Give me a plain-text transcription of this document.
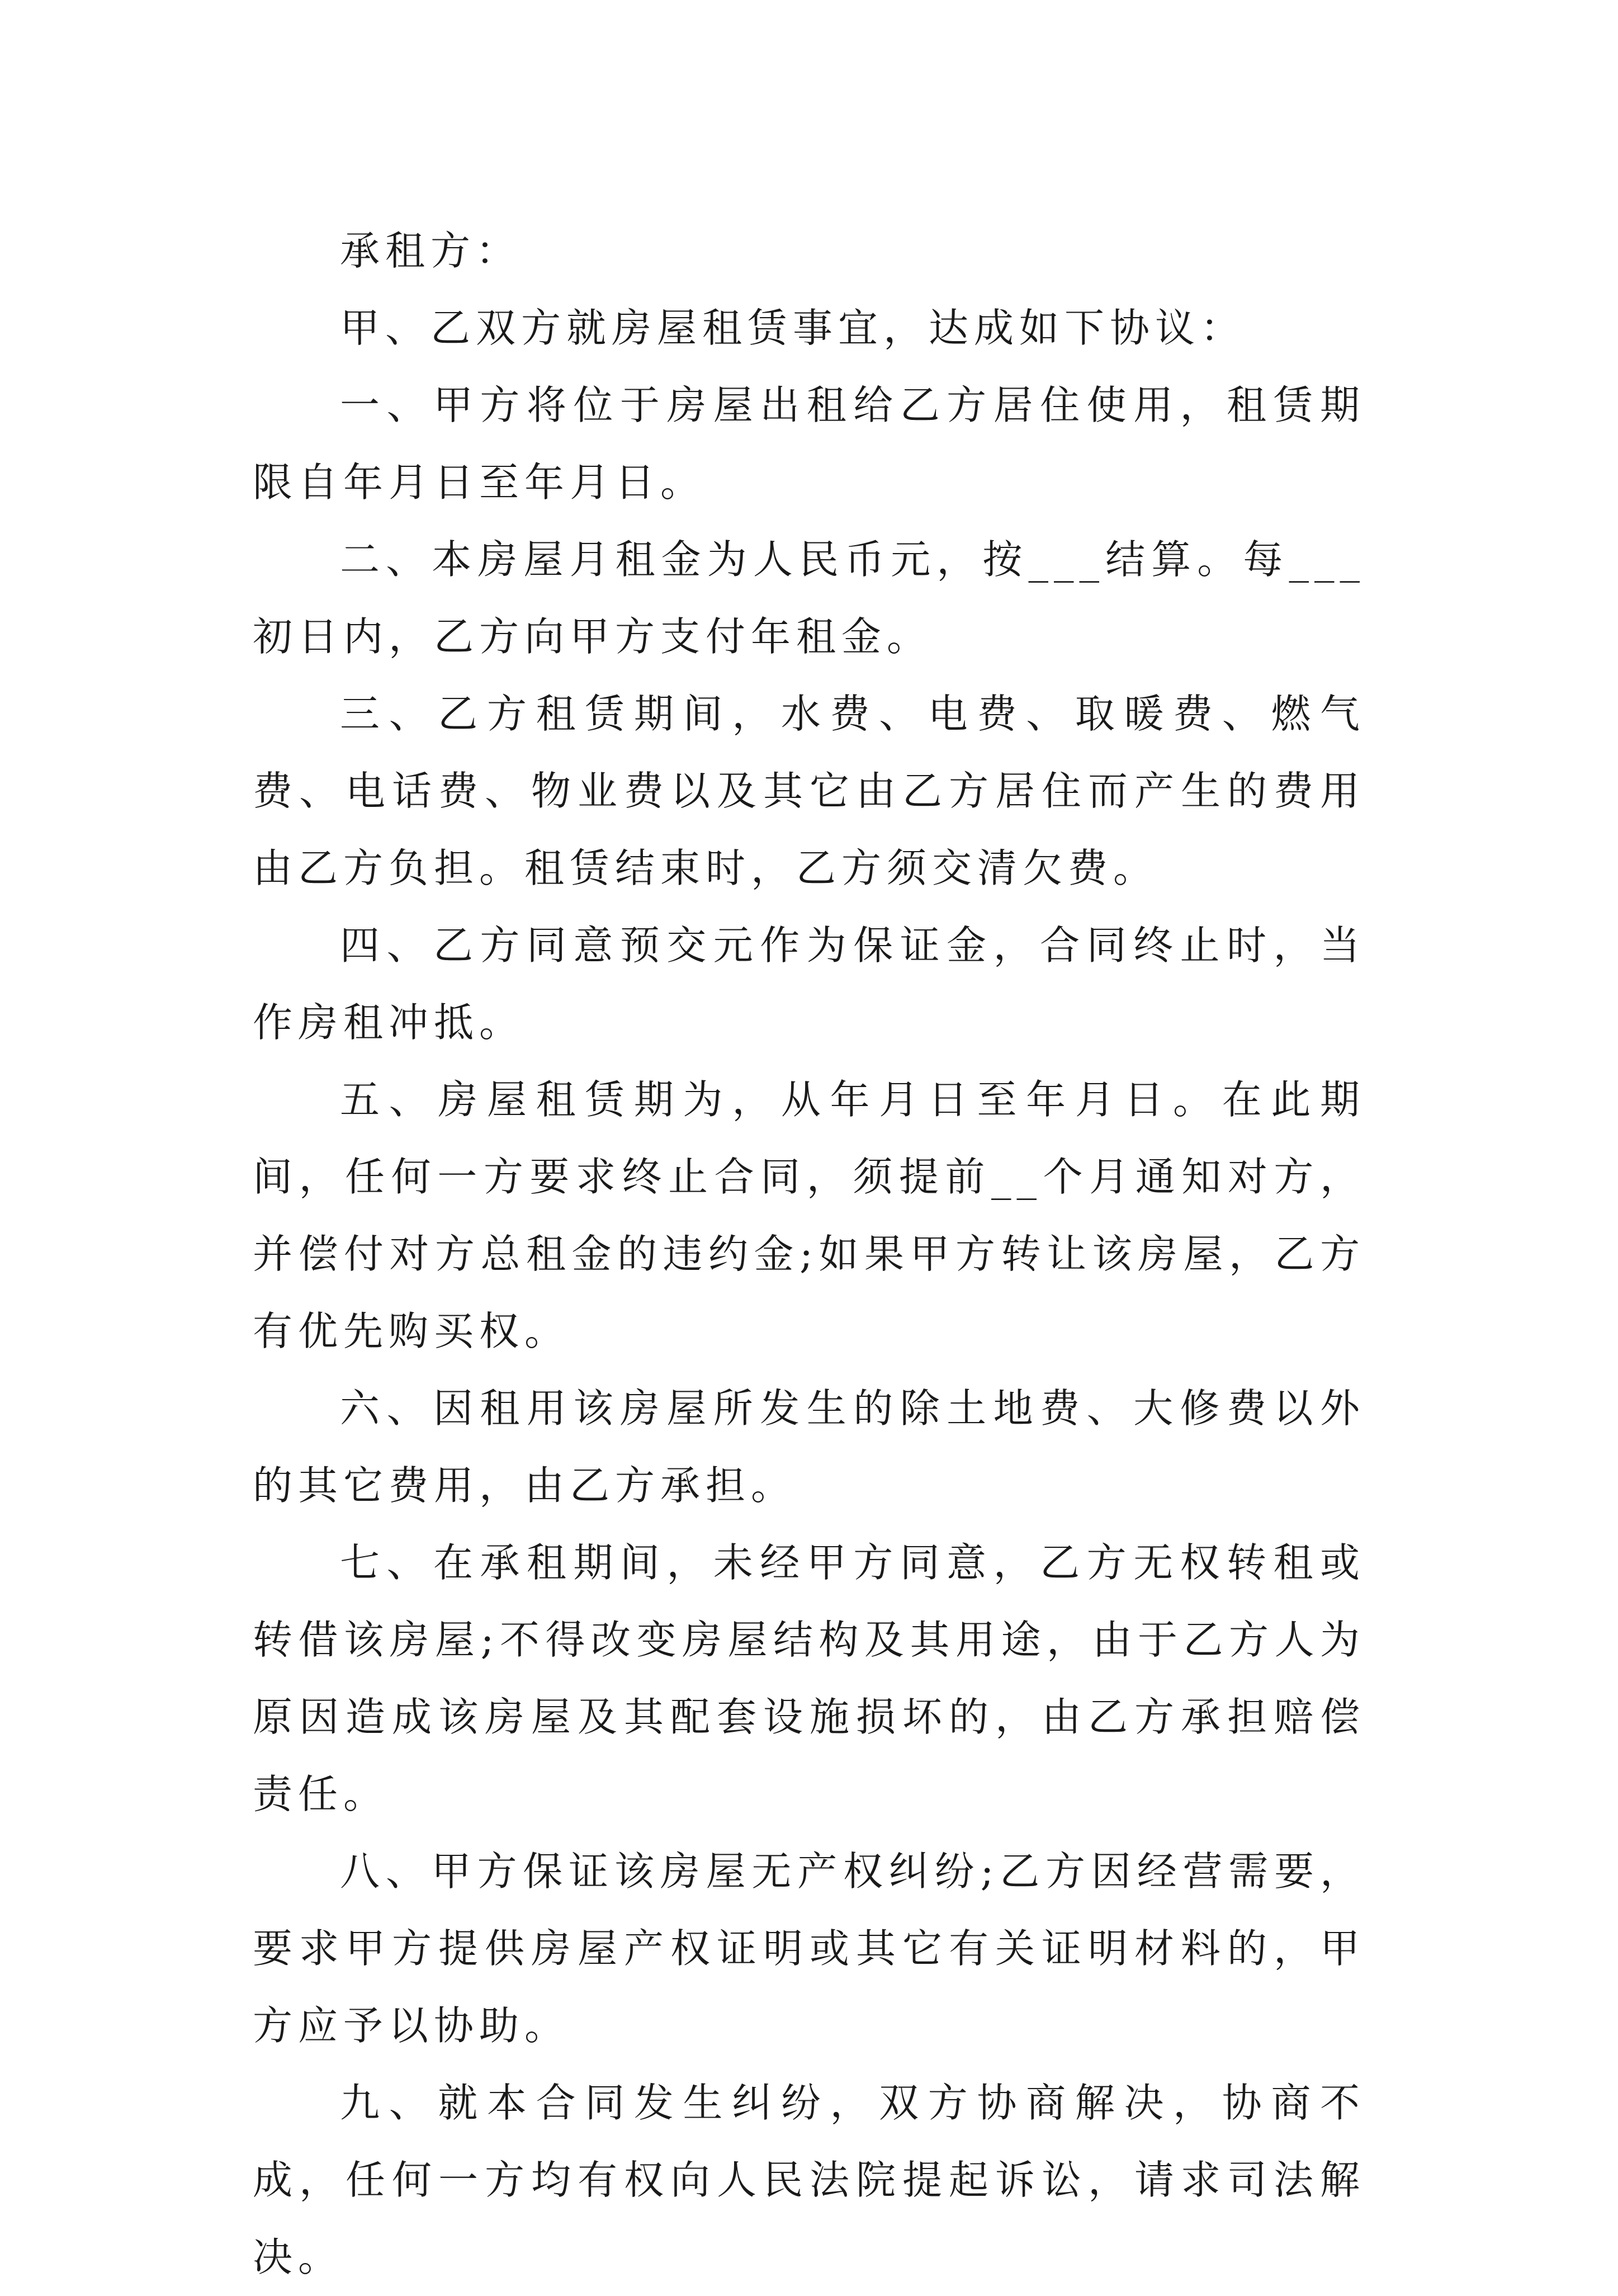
承租方：

甲、乙双方就房屋租赁事宜，达成如下协议：

一、甲方将位于房屋出租给乙方居住使用，租赁期限自年月日至年月日。

二、本房屋月租金为人民币元，按___结算。每___初日内，乙方向甲方支付年租金。

三、乙方租赁期间，水费、电费、取暖费、燃气费、电话费、物业费以及其它由乙方居住而产生的费用由乙方负担。租赁结束时，乙方须交清欠费。

四、乙方同意预交元作为保证金，合同终止时，当作房租冲抵。

五、房屋租赁期为，从年月日至年月日。在此期间，任何一方要求终止合同，须提前__个月通知对方，并偿付对方总租金的违约金;如果甲方转让该房屋，乙方有优先购买权。

六、因租用该房屋所发生的除土地费、大修费以外的其它费用，由乙方承担。

七、在承租期间，未经甲方同意，乙方无权转租或转借该房屋;不得改变房屋结构及其用途，由于乙方人为原因造成该房屋及其配套设施损坏的，由乙方承担赔偿责任。

八、甲方保证该房屋无产权纠纷;乙方因经营需要，要求甲方提供房屋产权证明或其它有关证明材料的，甲方应予以协助。

九、就本合同发生纠纷，双方协商解决，协商不成，任何一方均有权向人民法院提起诉讼，请求司法解决。
